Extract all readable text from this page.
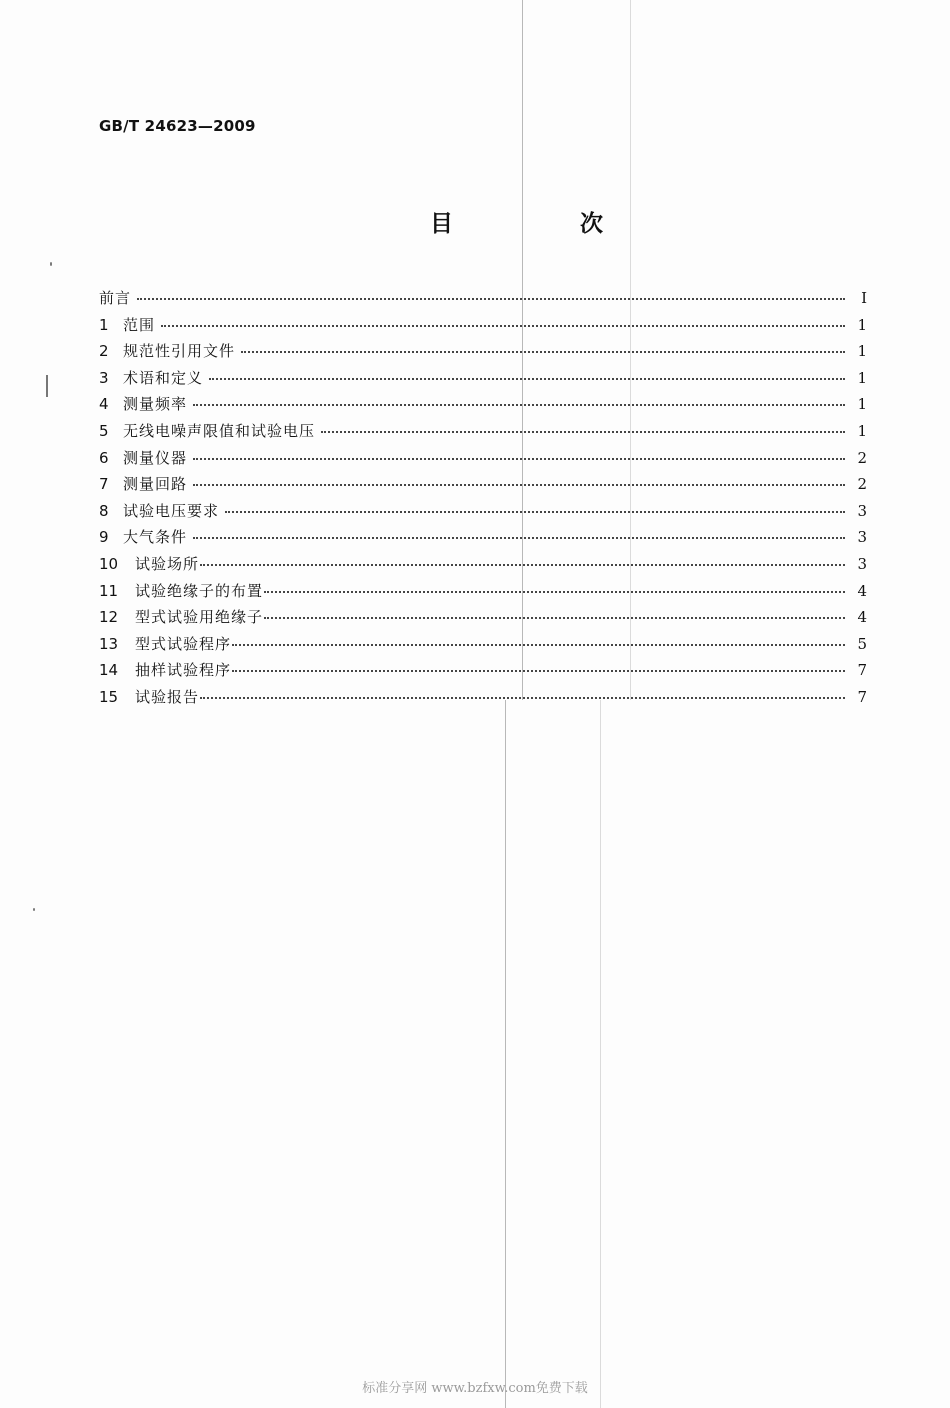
GB/T 24623—2009
目　次
前言	I
1 范围	1
2 规范性引用文件	1
3 术语和定义	1
4 测量频率	1
5 无线电噪声限值和试验电压	1
6 测量仪器	2
7 测量回路	2
8 试验电压要求	3
9 大气条件	3
10	试验场所	3
11	试验绝缘子的布置	4
12	型式试验用绝缘子	4
13	型式试验程序	5
14	抽样试验程序	7
15	试验报告	7
标准分享网 www.bzfxw.com免费下载
